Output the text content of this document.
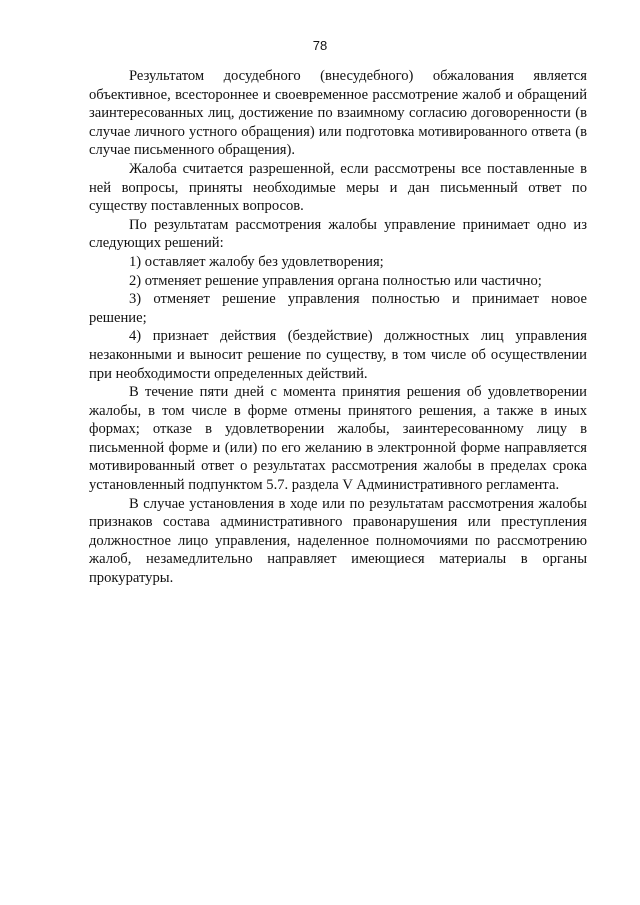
78

Результатом досудебного (внесудебного) обжалования является объективное, всестороннее и своевременное рассмотрение жалоб и обращений заинтересованных лиц, достижение по взаимному согласию договоренности (в случае личного устного обращения) или подготовка мотивированного ответа (в случае письменного обращения).

Жалоба считается разрешенной, если рассмотрены все поставленные в ней вопросы, приняты необходимые меры и дан письменный ответ по существу поставленных вопросов.

По результатам рассмотрения жалобы управление принимает одно из следующих решений:

1) оставляет жалобу без удовлетворения;

2) отменяет решение управления органа полностью или частично;

3) отменяет решение управления полностью и принимает новое решение;

4) признает действия (бездействие) должностных лиц управления незаконными и выносит решение по существу, в том числе об осуществлении при необходимости определенных действий.

В течение пяти дней с момента принятия решения об удовлетворении жалобы, в том числе в форме отмены принятого решения, а также в иных формах; отказе в удовлетворении жалобы, заинтересованному лицу в письменной форме и (или) по его желанию в электронной форме направляется мотивированный ответ о результатах рассмотрения жалобы в пределах срока установленный подпунктом 5.7. раздела V Административного регламента.

В случае установления в ходе или по результатам рассмотрения жалобы признаков состава административного правонарушения или преступления должностное лицо управления, наделенное полномочиями по рассмотрению жалоб, незамедлительно направляет имеющиеся материалы в органы прокуратуры.
